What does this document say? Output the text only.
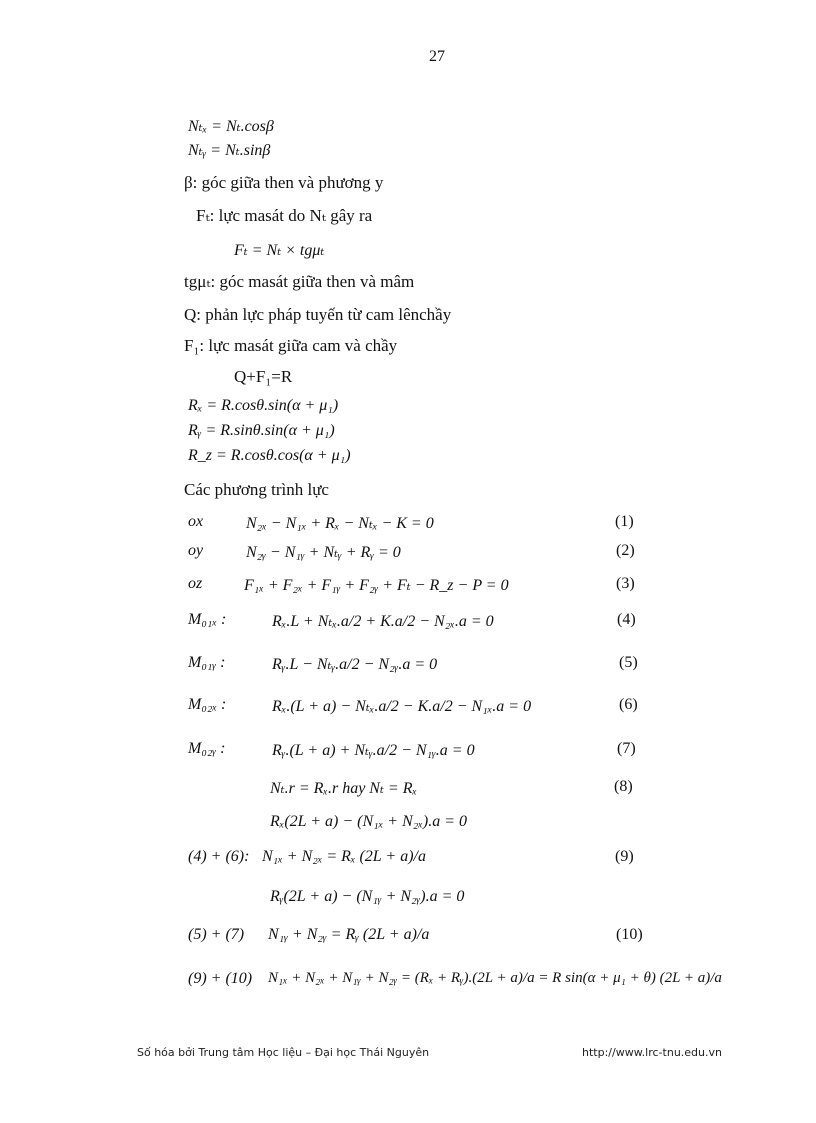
27
Nₜₓ = Nₜ.cosβ
Nₜᵧ = Nₜ.sinβ
β: góc giữa then và phương y
Fₜ: lực masát do Nₜ gây ra
Fₜ = Nₜ × tgμₜ
tgμₜ: góc masát giữa then và mâm
Q: phản lực pháp tuyến từ cam lênchầy
F₁: lực masát giữa cam và chầy
Q+F₁=R
Rₓ = R.cosθ.sin(α + μ₁)
Rᵧ = R.sinθ.sin(α + μ₁)
R_z = R.cosθ.cos(α + μ₁)
Các phương trình lực
ox	N₂ₓ − N₁ₓ + Rₓ − Nₜₓ − K = 0	(1)
oy	N₂ᵧ − N₁ᵧ + Nₜᵧ + Rᵧ = 0	(2)
oz	F₁ₓ + F₂ₓ + F₁ᵧ + F₂ᵧ + Fₜ − R_z − P = 0	(3)
M₀₁ₓ :	Rₓ.L + Nₜₓ.a/2 + K.a/2 − N₂ₓ.a = 0	(4)
M₀₁ᵧ :	Rᵧ.L − Nₜᵧ.a/2 − N₂ᵧ.a = 0	(5)
M₀₂ₓ :	Rₓ.(L + a) − Nₜₓ.a/2 − K.a/2 − N₁ₓ.a = 0	(6)
M₀₂ᵧ :	Rᵧ.(L + a) + Nₜᵧ.a/2 − N₁ᵧ.a = 0	(7)
Nₜ.r = Rₓ.r hay Nₜ = Rₓ	(8)
Rₓ(2L + a) − (N₁ₓ + N₂ₓ).a = 0
(4) + (6): N₁ₓ + N₂ₓ = Rₓ (2L + a)/a	(9)
Rᵧ(2L + a) − (N₁ᵧ + N₂ᵧ).a = 0
(5) + (7) N₁ᵧ + N₂ᵧ = Rᵧ (2L + a)/a	(10)
(9) + (10) N₁ₓ + N₂ₓ + N₁ᵧ + N₂ᵧ = (Rₓ + Rᵧ).(2L + a)/a = R sin(α + μ₁ + θ) (2L + a)/a
Số hóa bởi Trung tâm Học liệu – Đại học Thái Nguyên	http://www.lrc-tnu.edu.vn
